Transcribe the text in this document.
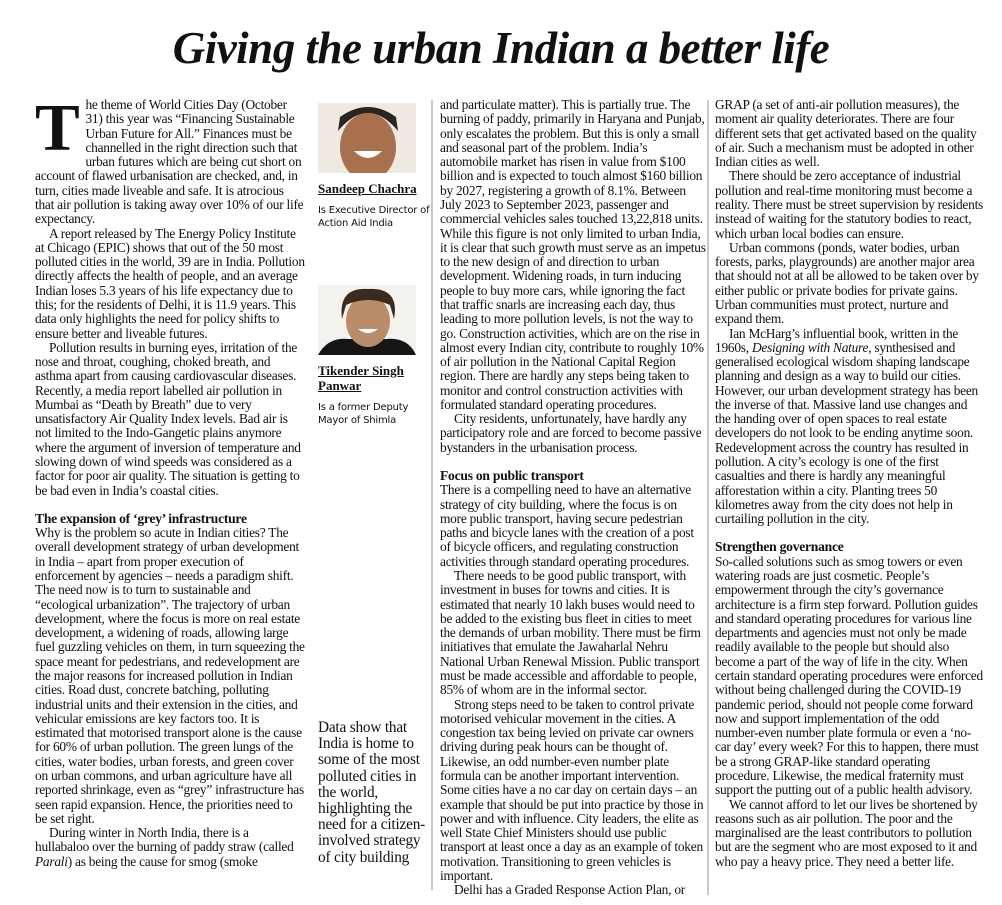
Giving the urban Indian a better life
T he theme of World Cities Day (October 31) this year was “Financing Sustainable Urban Future for All.” Finances must be channelled in the right direction such that urban futures which are being cut short on account of flawed urbanisation are checked, and, in turn, cities made liveable and safe. It is atrocious that air pollution is taking away over 10% of our life expectancy.

A report released by The Energy Policy Institute at Chicago (EPIC) shows that out of the 50 most polluted cities in the world, 39 are in India. Pollution directly affects the health of people, and an average Indian loses 5.3 years of his life expectancy due to this; for the residents of Delhi, it is 11.9 years. This data only highlights the need for policy shifts to ensure better and liveable futures.

Pollution results in burning eyes, irritation of the nose and throat, coughing, choked breath, and asthma apart from causing cardiovascular diseases. Recently, a media report labelled air pollution in Mumbai as “Death by Breath” due to very unsatisfactory Air Quality Index levels. Bad air is not limited to the Indo-Gangetic plains anymore where the argument of inversion of temperature and slowing down of wind speeds was considered as a factor for poor air quality. The situation is getting to be bad even in India’s coastal cities.

The expansion of ‘grey’ infrastructure

Why is the problem so acute in Indian cities? The overall development strategy of urban development in India – apart from proper execution of enforcement by agencies – needs a paradigm shift. The need now is to turn to sustainable and “ecological urbanization”. The trajectory of urban development, where the focus is more on real estate development, a widening of roads, allowing large fuel guzzling vehicles on them, in turn squeezing the space meant for pedestrians, and redevelopment are the major reasons for increased pollution in Indian cities. Road dust, concrete batching, polluting industrial units and their extension in the cities, and vehicular emissions are key factors too. It is estimated that motorised transport alone is the cause for 60% of urban pollution. The green lungs of the cities, water bodies, urban forests, and green cover on urban commons, and urban agriculture have all reported shrinkage, even as “grey” infrastructure has seen rapid expansion. Hence, the priorities need to be set right.

During winter in North India, there is a hullabaloo over the burning of paddy straw (called Parali) as being the cause for smog (smoke

Sandeep Chachra
Is Executive Director of Action Aid India
Tikender Singh Panwar
Is a former Deputy Mayor of Shimla
Data show that India is home to some of the most polluted cities in the world, highlighting the need for a citizen-involved strategy of city building

and particulate matter). This is partially true. The burning of paddy, primarily in Haryana and Punjab, only escalates the problem. But this is only a small and seasonal part of the problem. India’s automobile market has risen in value from $100 billion and is expected to touch almost $160 billion by 2027, registering a growth of 8.1%. Between July 2023 to September 2023, passenger and commercial vehicles sales touched 13,22,818 units. While this figure is not only limited to urban India, it is clear that such growth must serve as an impetus to the new design of and direction to urban development. Widening roads, in turn inducing people to buy more cars, while ignoring the fact that traffic snarls are increasing each day, thus leading to more pollution levels, is not the way to go. Construction activities, which are on the rise in almost every Indian city, contribute to roughly 10% of air pollution in the National Capital Region region. There are hardly any steps being taken to monitor and control construction activities with formulated standard operating procedures.

City residents, unfortunately, have hardly any participatory role and are forced to become passive bystanders in the urbanisation process.

Focus on public transport

There is a compelling need to have an alternative strategy of city building, where the focus is on more public transport, having secure pedestrian paths and bicycle lanes with the creation of a post of bicycle officers, and regulating construction activities through standard operating procedures.

There needs to be good public transport, with investment in buses for towns and cities. It is estimated that nearly 10 lakh buses would need to be added to the existing bus fleet in cities to meet the demands of urban mobility. There must be firm initiatives that emulate the Jawaharlal Nehru National Urban Renewal Mission. Public transport must be made accessible and affordable to people, 85% of whom are in the informal sector.

Strong steps need to be taken to control private motorised vehicular movement in the cities. A congestion tax being levied on private car owners driving during peak hours can be thought of. Likewise, an odd number-even number plate formula can be another important intervention. Some cities have a no car day on certain days – an example that should be put into practice by those in power and with influence. City leaders, the elite as well State Chief Ministers should use public transport at least once a day as an example of token motivation. Transitioning to green vehicles is important.

Delhi has a Graded Response Action Plan, or

GRAP (a set of anti-air pollution measures), the moment air quality deteriorates. There are four different sets that get activated based on the quality of air. Such a mechanism must be adopted in other Indian cities as well.

There should be zero acceptance of industrial pollution and real-time monitoring must become a reality. There must be street supervision by residents instead of waiting for the statutory bodies to react, which urban local bodies can ensure.

Urban commons (ponds, water bodies, urban forests, parks, playgrounds) are another major area that should not at all be allowed to be taken over by either public or private bodies for private gains. Urban communities must protect, nurture and expand them.

Ian McHarg’s influential book, written in the 1960s, Designing with Nature, synthesised and generalised ecological wisdom shaping landscape planning and design as a way to build our cities. However, our urban development strategy has been the inverse of that. Massive land use changes and the handing over of open spaces to real estate developers do not look to be ending anytime soon. Redevelopment across the country has resulted in pollution. A city’s ecology is one of the first casualties and there is hardly any meaningful afforestation within a city. Planting trees 50 kilometres away from the city does not help in curtailing pollution in the city.

Strengthen governance

So-called solutions such as smog towers or even watering roads are just cosmetic. People’s empowerment through the city’s governance architecture is a firm step forward. Pollution guides and standard operating procedures for various line departments and agencies must not only be made readily available to the people but should also become a part of the way of life in the city. When certain standard operating procedures were enforced without being challenged during the COVID-19 pandemic period, should not people come forward now and support implementation of the odd number-even number plate formula or even a ‘no-car day’ every week? For this to happen, there must be a strong GRAP-like standard operating procedure. Likewise, the medical fraternity must support the putting out of a public health advisory.

We cannot afford to let our lives be shortened by reasons such as air pollution. The poor and the marginalised are the least contributors to pollution but are the segment who are most exposed to it and who pay a heavy price. They need a better life.
